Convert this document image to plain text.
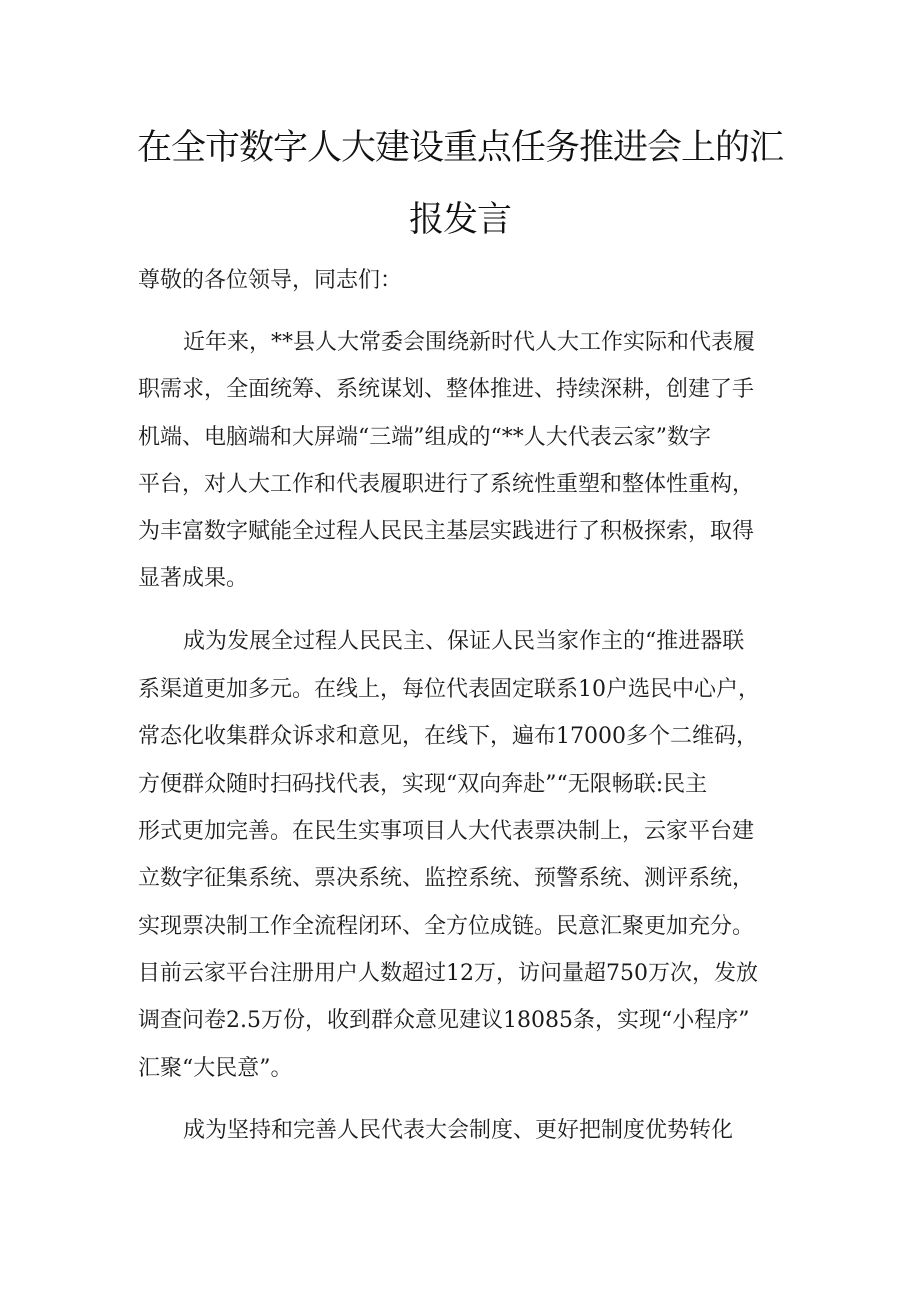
在全市数字人大建设重点任务推进会上的汇
报发言
尊敬的各位领导，同志们：
近年来，**县人大常委会围绕新时代人大工作实际和代表履
职需求，全面统筹、系统谋划、整体推进、持续深耕，创建了手
机端、电脑端和大屏端“三端”组成的“**人大代表云家”数字
平台，对人大工作和代表履职进行了系统性重塑和整体性重构，
为丰富数字赋能全过程人民民主基层实践进行了积极探索，取得
显著成果。
成为发展全过程人民民主、保证人民当家作主的“推进器联
系渠道更加多元。在线上，每位代表固定联系10户选民中心户，
常态化收集群众诉求和意见，在线下，遍布17000多个二维码，
方便群众随时扫码找代表，实现“双向奔赴”“无限畅联:民主
形式更加完善。在民生实事项目人大代表票决制上，云家平台建
立数字征集系统、票决系统、监控系统、预警系统、测评系统，
实现票决制工作全流程闭环、全方位成链。民意汇聚更加充分。
目前云家平台注册用户人数超过12万，访问量超750万次，发放
调查问卷2.5万份，收到群众意见建议18085条，实现“小程序”
汇聚“大民意”。
成为坚持和完善人民代表大会制度、更好把制度优势转化
